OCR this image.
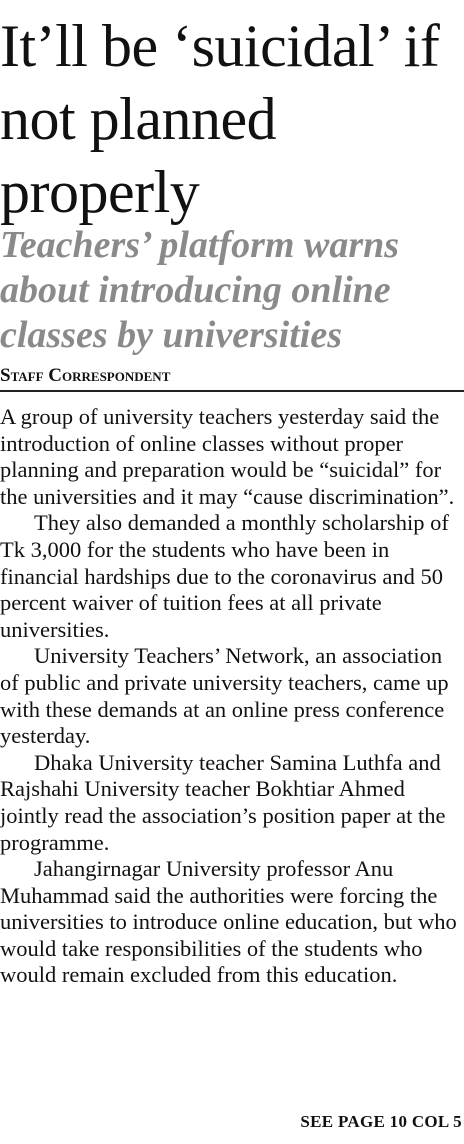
It’ll be ‘suicidal’ if not planned properly
Teachers’ platform warns about introducing online classes by universities
Staff Correspondent

A group of university teachers yesterday said the introduction of online classes without proper planning and preparation would be “suicidal” for the universities and it may “cause discrimination”.

They also demanded a monthly scholarship of Tk 3,000 for the students who have been in financial hardships due to the coronavirus and 50 percent waiver of tuition fees at all private universities.

University Teachers’ Network, an association of public and private university teachers, came up with these demands at an online press conference yesterday.

Dhaka University teacher Samina Luthfa and Rajshahi University teacher Bokhtiar Ahmed jointly read the association’s position paper at the programme.

Jahangirnagar University professor Anu Muhammad said the authorities were forcing the universities to introduce online education, but who would take responsibilities of the students who would remain excluded from this education.

SEE PAGE 10 COL 5
